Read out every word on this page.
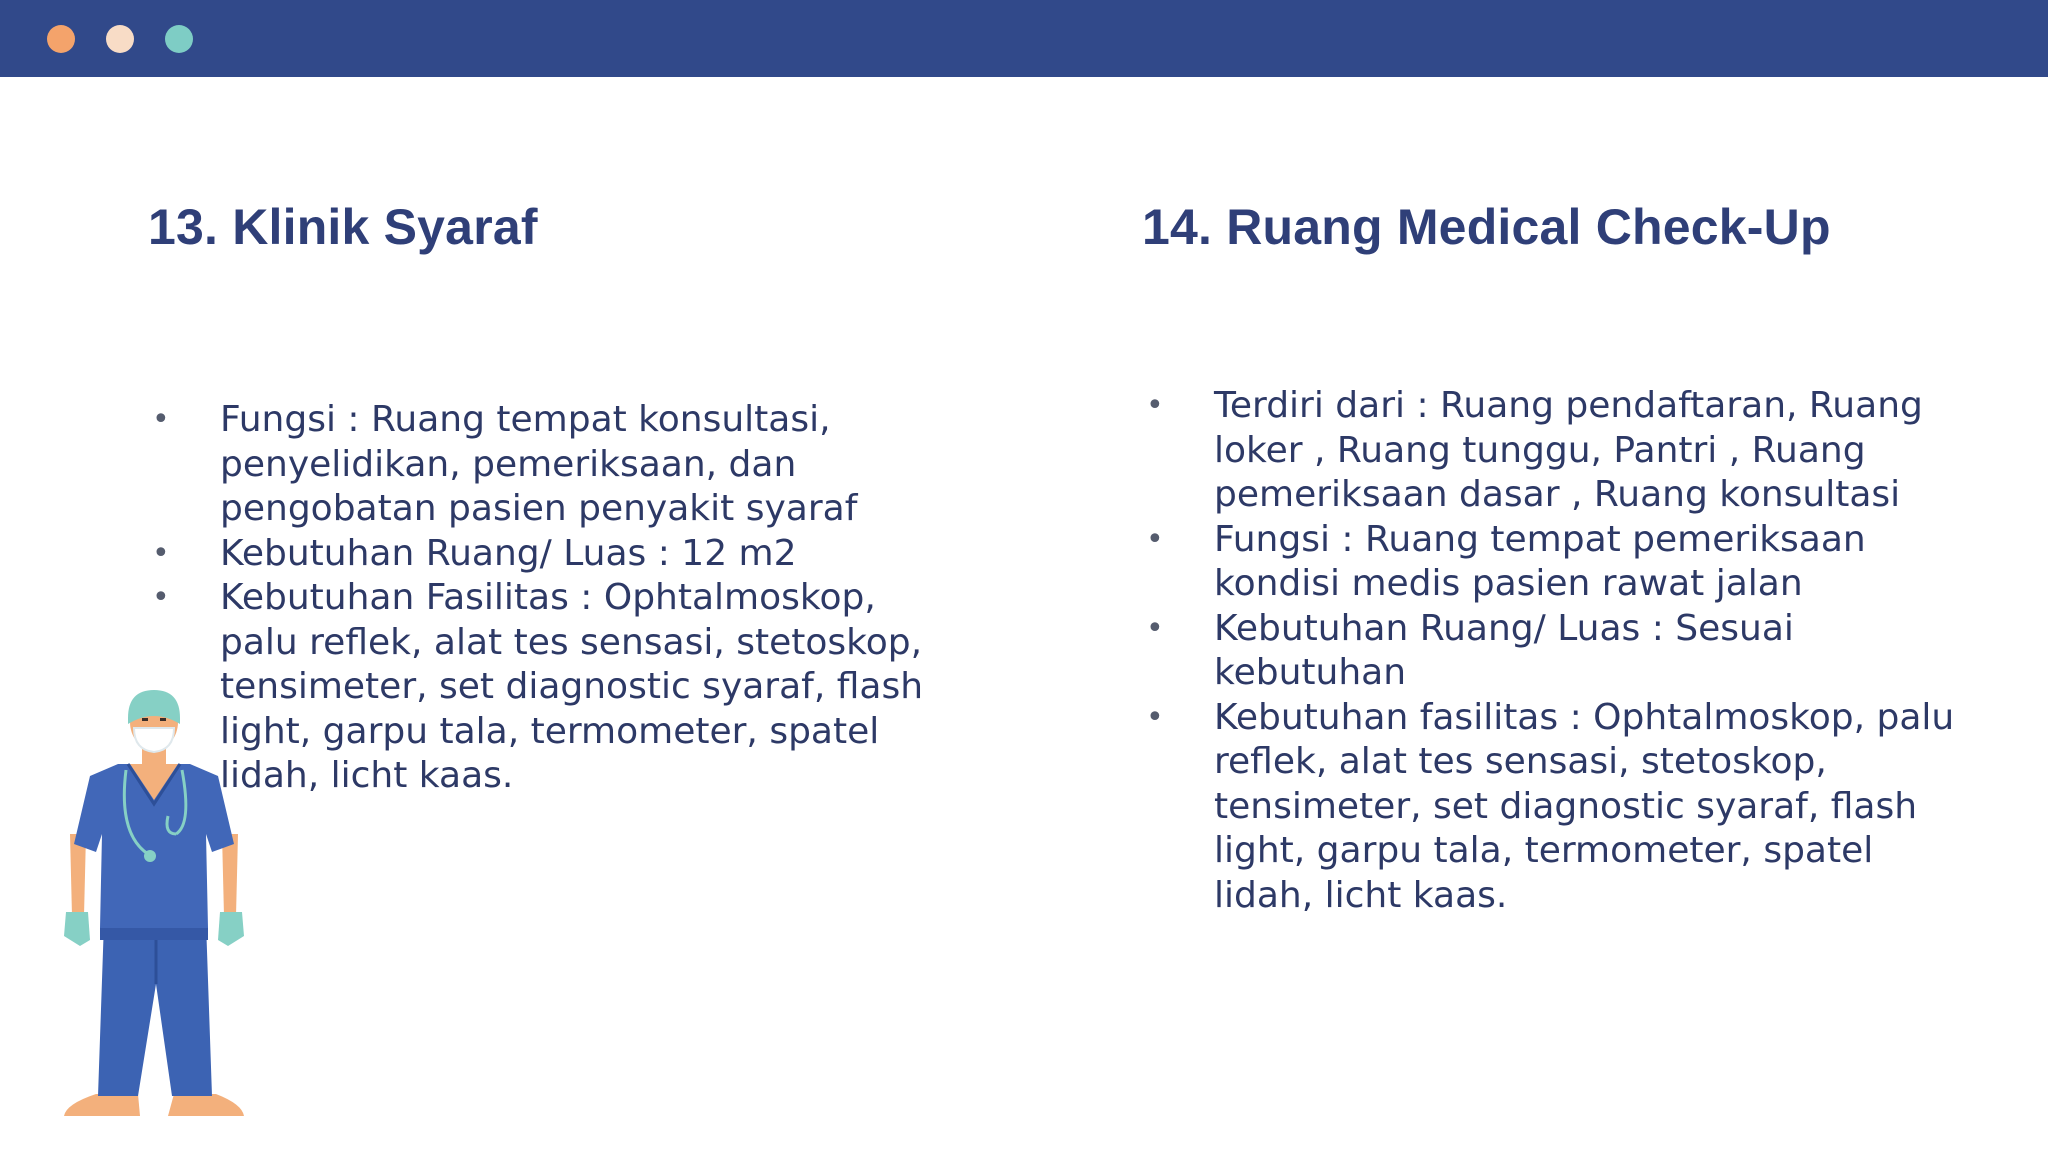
13. Klinik Syaraf
• Fungsi : Ruang tempat konsultasi, penyelidikan, pemeriksaan, dan pengobatan pasien penyakit syaraf
• Kebutuhan Ruang/ Luas : 12 m2
• Kebutuhan Fasilitas : Ophtalmoskop, palu reflek, alat tes sensasi, stetoskop, tensimeter, set diagnostic syaraf, flash light, garpu tala, termometer, spatel lidah, licht kaas.
14. Ruang Medical Check-Up
• Terdiri dari : Ruang pendaftaran, Ruang loker , Ruang tunggu, Pantri , Ruang pemeriksaan dasar , Ruang konsultasi
• Fungsi : Ruang tempat pemeriksaan kondisi medis pasien rawat jalan
• Kebutuhan Ruang/ Luas : Sesuai kebutuhan
• Kebutuhan fasilitas : Ophtalmoskop, palu reflek, alat tes sensasi, stetoskop, tensimeter, set diagnostic syaraf, flash light, garpu tala, termometer, spatel lidah, licht kaas.
